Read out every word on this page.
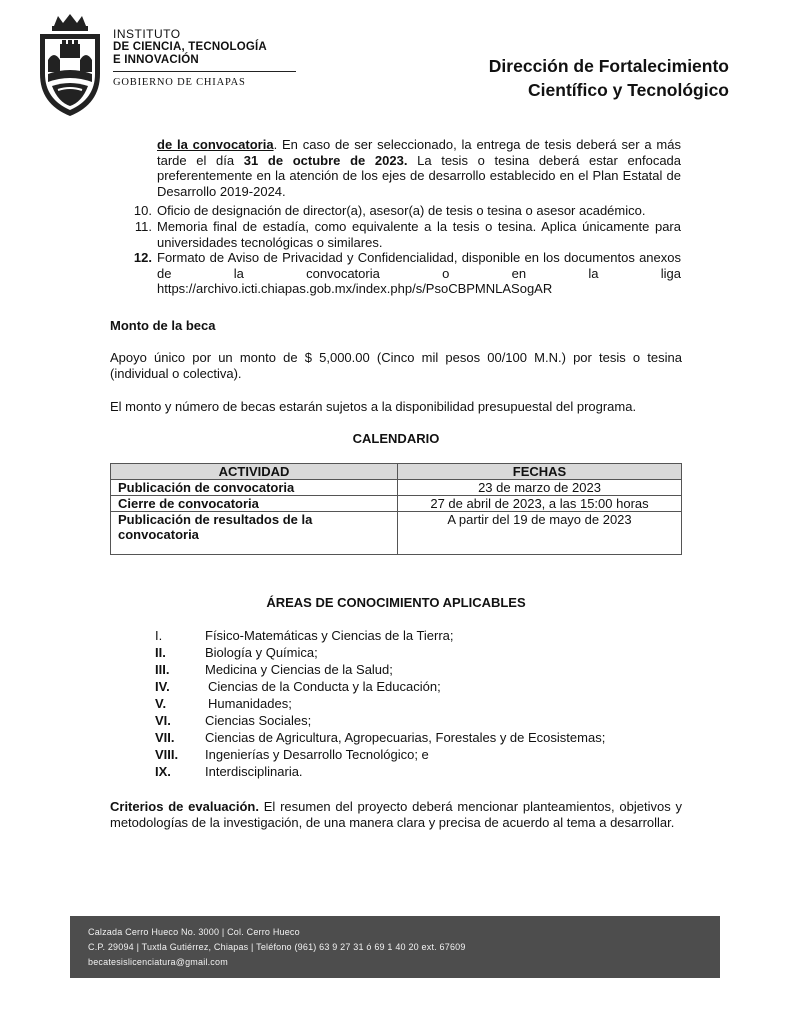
INSTITUTO
DE CIENCIA, TECNOLOGÍA
E INNOVACIÓN
GOBIERNO DE CHIAPAS
Dirección de Fortalecimiento
Científico y Tecnológico
de la convocatoria. En caso de ser seleccionado, la entrega de tesis deberá ser a más tarde el día 31 de octubre de 2023. La tesis o tesina deberá estar enfocada preferentemente en la atención de los ejes de desarrollo establecido en el Plan Estatal de Desarrollo 2019-2024.
10. Oficio de designación de director(a), asesor(a) de tesis o tesina o asesor académico.
11. Memoria final de estadía, como equivalente a la tesis o tesina. Aplica únicamente para universidades tecnológicas o similares.
12. Formato de Aviso de Privacidad y Confidencialidad, disponible en los documentos anexos de la convocatoria o en la liga
https://archivo.icti.chiapas.gob.mx/index.php/s/PsoCBPMNLASogAR
Monto de la beca
Apoyo único por un monto de $ 5,000.00 (Cinco mil pesos 00/100 M.N.) por tesis o tesina (individual o colectiva).
El monto y número de becas estarán sujetos a la disponibilidad presupuestal del programa.
CALENDARIO
ACTIVIDAD	FECHAS
Publicación de convocatoria	23 de marzo de 2023
Cierre de convocatoria	27 de abril de 2023, a las 15:00 horas
Publicación de resultados de la convocatoria	A partir del 19 de mayo de 2023
ÁREAS DE CONOCIMIENTO APLICABLES
I.	Físico-Matemáticas y Ciencias de la Tierra;
II.	Biología y Química;
III.	Medicina y Ciencias de la Salud;
IV.	Ciencias de la Conducta y la Educación;
V.	Humanidades;
VI.	Ciencias Sociales;
VII.	Ciencias de Agricultura, Agropecuarias, Forestales y de Ecosistemas;
VIII.	Ingenierías y Desarrollo Tecnológico; e
IX.	Interdisciplinaria.
Criterios de evaluación. El resumen del proyecto deberá mencionar planteamientos, objetivos y metodologías de la investigación, de una manera clara y precisa de acuerdo al tema a desarrollar.
Calzada Cerro Hueco No. 3000 | Col. Cerro Hueco
C.P. 29094 | Tuxtla Gutiérrez, Chiapas | Teléfono (961) 63 9 27 31 ó 69 1 40 20 ext. 67609
becatesislicenciatura@gmail.com
